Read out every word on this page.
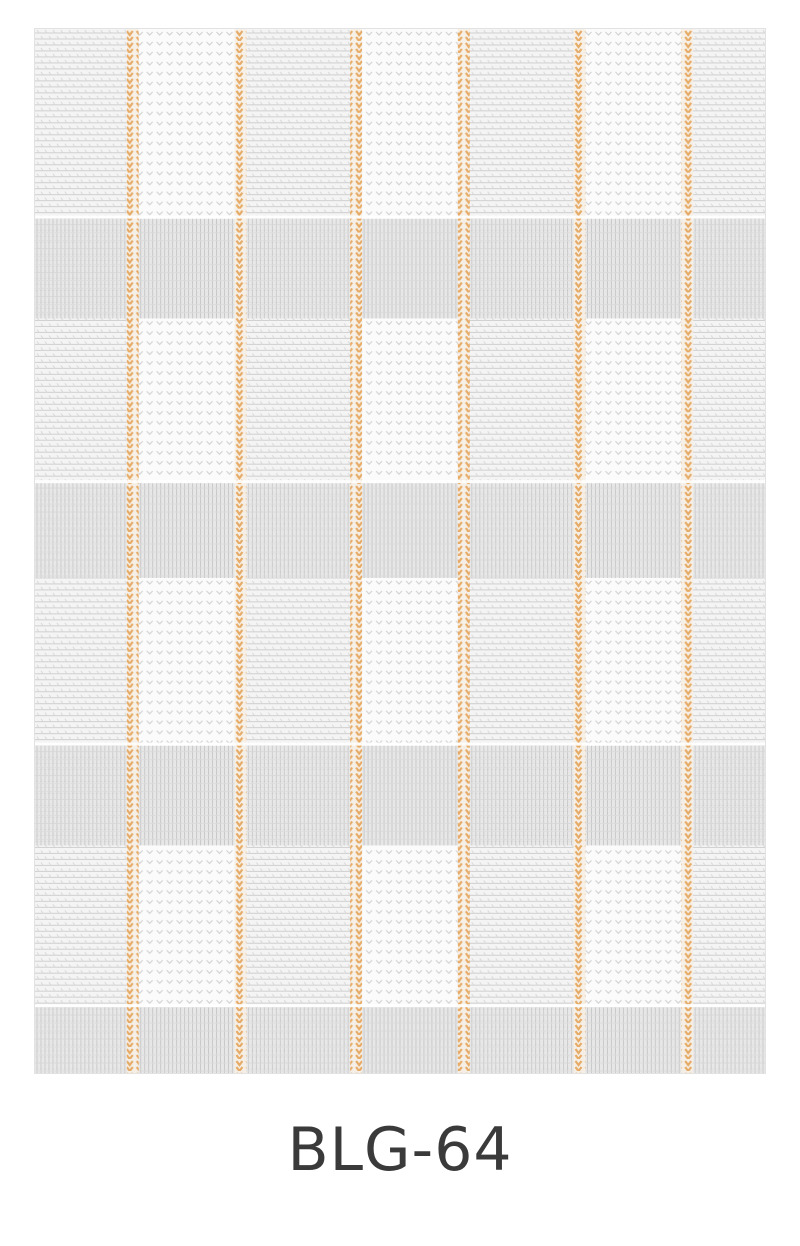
BLG-64
